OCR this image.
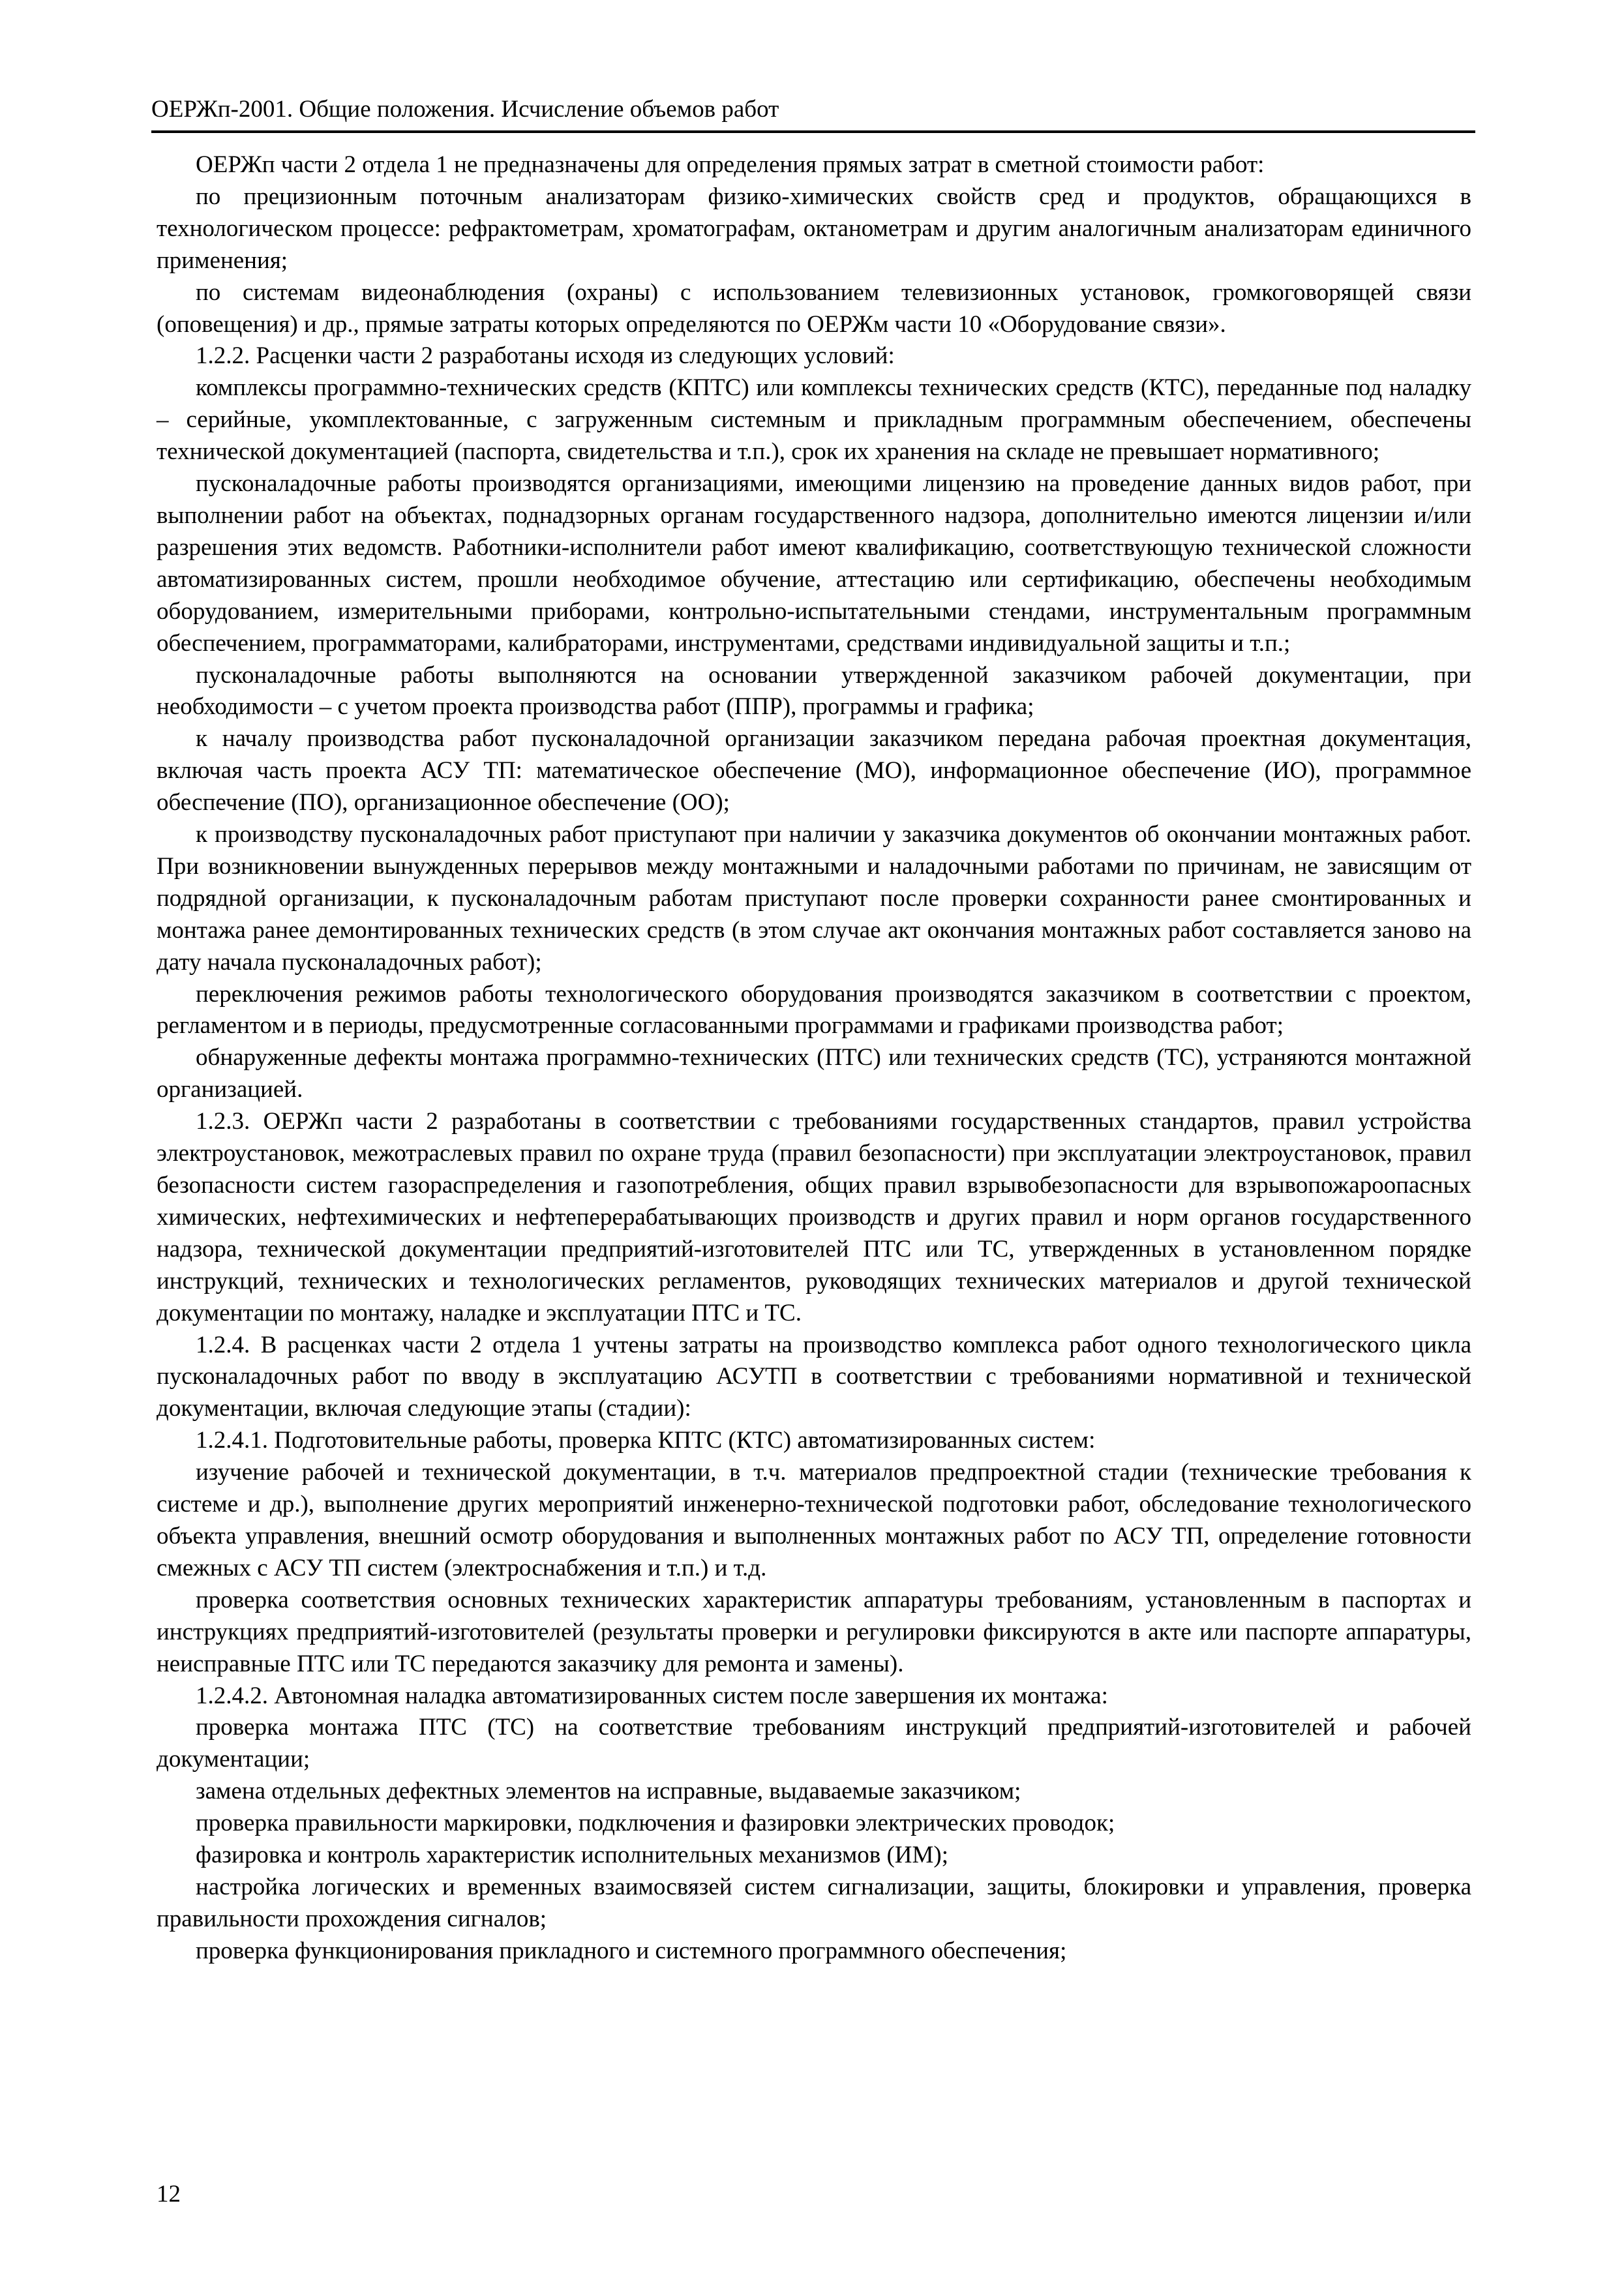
ОЕРЖп-2001. Общие положения. Исчисление объемов работ

ОЕРЖп части 2 отдела 1 не предназначены для определения прямых затрат в сметной стоимости работ:

по прецизионным поточным анализаторам физико-химических свойств сред и продуктов, обращающихся в технологическом процессе: рефрактометрам, хроматографам, октанометрам и другим аналогичным анализаторам единичного применения;

по системам видеонаблюдения (охраны) с использованием телевизионных установок, громкоговорящей связи (оповещения) и др., прямые затраты которых определяются по ОЕРЖм части 10 «Оборудование связи».

1.2.2. Расценки части 2 разработаны исходя из следующих условий:

комплексы программно-технических средств (КПТС) или комплексы технических средств (КТС), переданные под наладку – серийные, укомплектованные, с загруженным системным и прикладным программным обеспечением, обеспечены технической документацией (паспорта, свидетельства и т.п.), срок их хранения на складе не превышает нормативного;

пусконаладочные работы производятся организациями, имеющими лицензию на проведение данных видов работ, при выполнении работ на объектах, поднадзорных органам государственного надзора, дополнительно имеются лицензии и/или разрешения этих ведомств. Работники-исполнители работ имеют квалификацию, соответствующую технической сложности автоматизированных систем, прошли необходимое обучение, аттестацию или сертификацию, обеспечены необходимым оборудованием, измерительными приборами, контрольно-испытательными стендами, инструментальным программным обеспечением, программаторами, калибраторами, инструментами, средствами индивидуальной защиты и т.п.;

пусконаладочные работы выполняются на основании утвержденной заказчиком рабочей документации, при необходимости – с учетом проекта производства работ (ППР), программы и графика;

к началу производства работ пусконаладочной организации заказчиком передана рабочая проектная документация, включая часть проекта АСУ ТП: математическое обеспечение (МО), информационное обеспечение (ИО), программное обеспечение (ПО), организационное обеспечение (ОО);

к производству пусконаладочных работ приступают при наличии у заказчика документов об окончании монтажных работ. При возникновении вынужденных перерывов между монтажными и наладочными работами по причинам, не зависящим от подрядной организации, к пусконаладочным работам приступают после проверки сохранности ранее смонтированных и монтажа ранее демонтированных технических средств (в этом случае акт окончания монтажных работ составляется заново на дату начала пусконаладочных работ);

переключения режимов работы технологического оборудования производятся заказчиком в соответствии с проектом, регламентом и в периоды, предусмотренные согласованными программами и графиками производства работ;

обнаруженные дефекты монтажа программно-технических (ПТС) или технических средств (ТС), устраняются монтажной организацией.

1.2.3. ОЕРЖп части 2 разработаны в соответствии с требованиями государственных стандартов, правил устройства электроустановок, межотраслевых правил по охране труда (правил безопасности) при эксплуатации электроустановок, правил безопасности систем газораспределения и газопотребления, общих правил взрывобезопасности для взрывопожароопасных химических, нефтехимических и нефтеперерабатывающих производств и других правил и норм органов государственного надзора, технической документации предприятий-изготовителей ПТС или ТС, утвержденных в установленном порядке инструкций, технических и технологических регламентов, руководящих технических материалов и другой технической документации по монтажу, наладке и эксплуатации ПТС и ТС.

1.2.4. В расценках части 2 отдела 1 учтены затраты на производство комплекса работ одного технологического цикла пусконаладочных работ по вводу в эксплуатацию АСУТП в соответствии с требованиями нормативной и технической документации, включая следующие этапы (стадии):

1.2.4.1. Подготовительные работы, проверка КПТС (КТС) автоматизированных систем:

изучение рабочей и технической документации, в т.ч. материалов предпроектной стадии (технические требования к системе и др.), выполнение других мероприятий инженерно-технической подготовки работ, обследование технологического объекта управления, внешний осмотр оборудования и выполненных монтажных работ по АСУ ТП, определение готовности смежных с АСУ ТП систем (электроснабжения и т.п.) и т.д.

проверка соответствия основных технических характеристик аппаратуры требованиям, установленным в паспортах и инструкциях предприятий-изготовителей (результаты проверки и регулировки фиксируются в акте или паспорте аппаратуры, неисправные ПТС или ТС передаются заказчику для ремонта и замены).

1.2.4.2. Автономная наладка автоматизированных систем после завершения их монтажа:

проверка монтажа ПТС (ТС) на соответствие требованиям инструкций предприятий-изготовителей и рабочей документации;

замена отдельных дефектных элементов на исправные, выдаваемые заказчиком;

проверка правильности маркировки, подключения и фазировки электрических проводок;

фазировка и контроль характеристик исполнительных механизмов (ИМ);

настройка логических и временных взаимосвязей систем сигнализации, защиты, блокировки и управления, проверка правильности прохождения сигналов;

проверка функционирования прикладного и системного программного обеспечения;

12
